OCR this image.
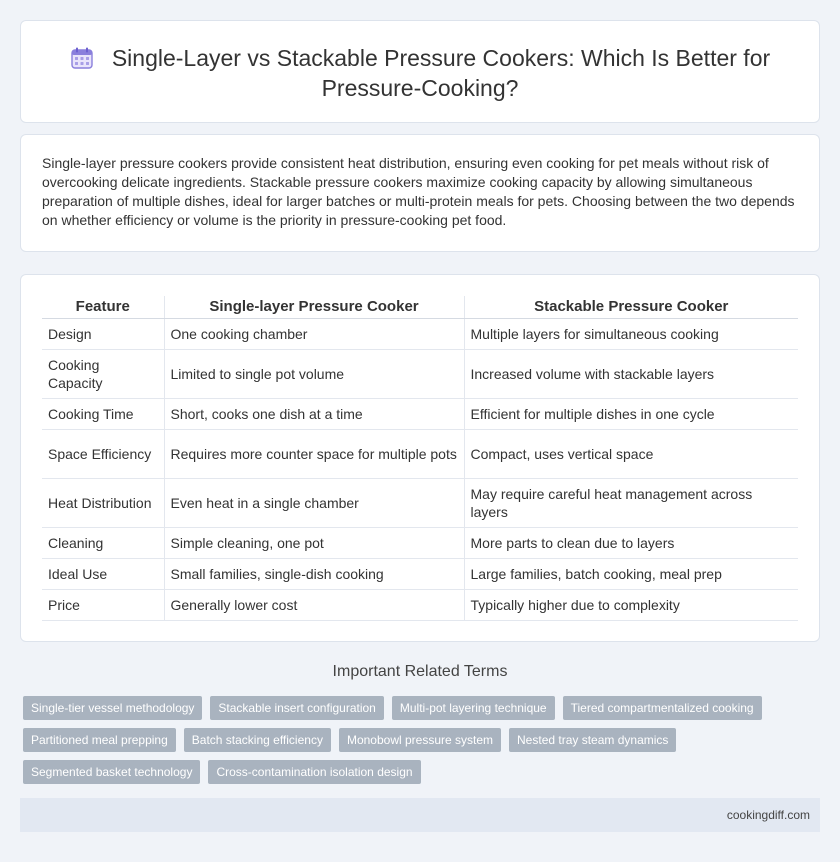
Single-Layer vs Stackable Pressure Cookers: Which Is Better for Pressure-Cooking?

Single-layer pressure cookers provide consistent heat distribution, ensuring even cooking for pet meals without risk of overcooking delicate ingredients. Stackable pressure cookers maximize cooking capacity by allowing simultaneous preparation of multiple dishes, ideal for larger batches or multi-protein meals for pets. Choosing between the two depends on whether efficiency or volume is the priority in pressure-cooking pet food.

Feature	Single-layer Pressure Cooker	Stackable Pressure Cooker
Design	One cooking chamber	Multiple layers for simultaneous cooking
Cooking Capacity	Limited to single pot volume	Increased volume with stackable layers
Cooking Time	Short, cooks one dish at a time	Efficient for multiple dishes in one cycle
Space Efficiency	Requires more counter space for multiple pots	Compact, uses vertical space
Heat Distribution	Even heat in a single chamber	May require careful heat management across layers
Cleaning	Simple cleaning, one pot	More parts to clean due to layers
Ideal Use	Small families, single-dish cooking	Large families, batch cooking, meal prep
Price	Generally lower cost	Typically higher due to complexity
Important Related Terms
Single-tier vessel methodology	Stackable insert configuration	Multi-pot layering technique	Tiered compartmentalized cooking
Partitioned meal prepping	Batch stacking efficiency	Monobowl pressure system	Nested tray steam dynamics
Segmented basket technology	Cross-contamination isolation design
cookingdiff.com
